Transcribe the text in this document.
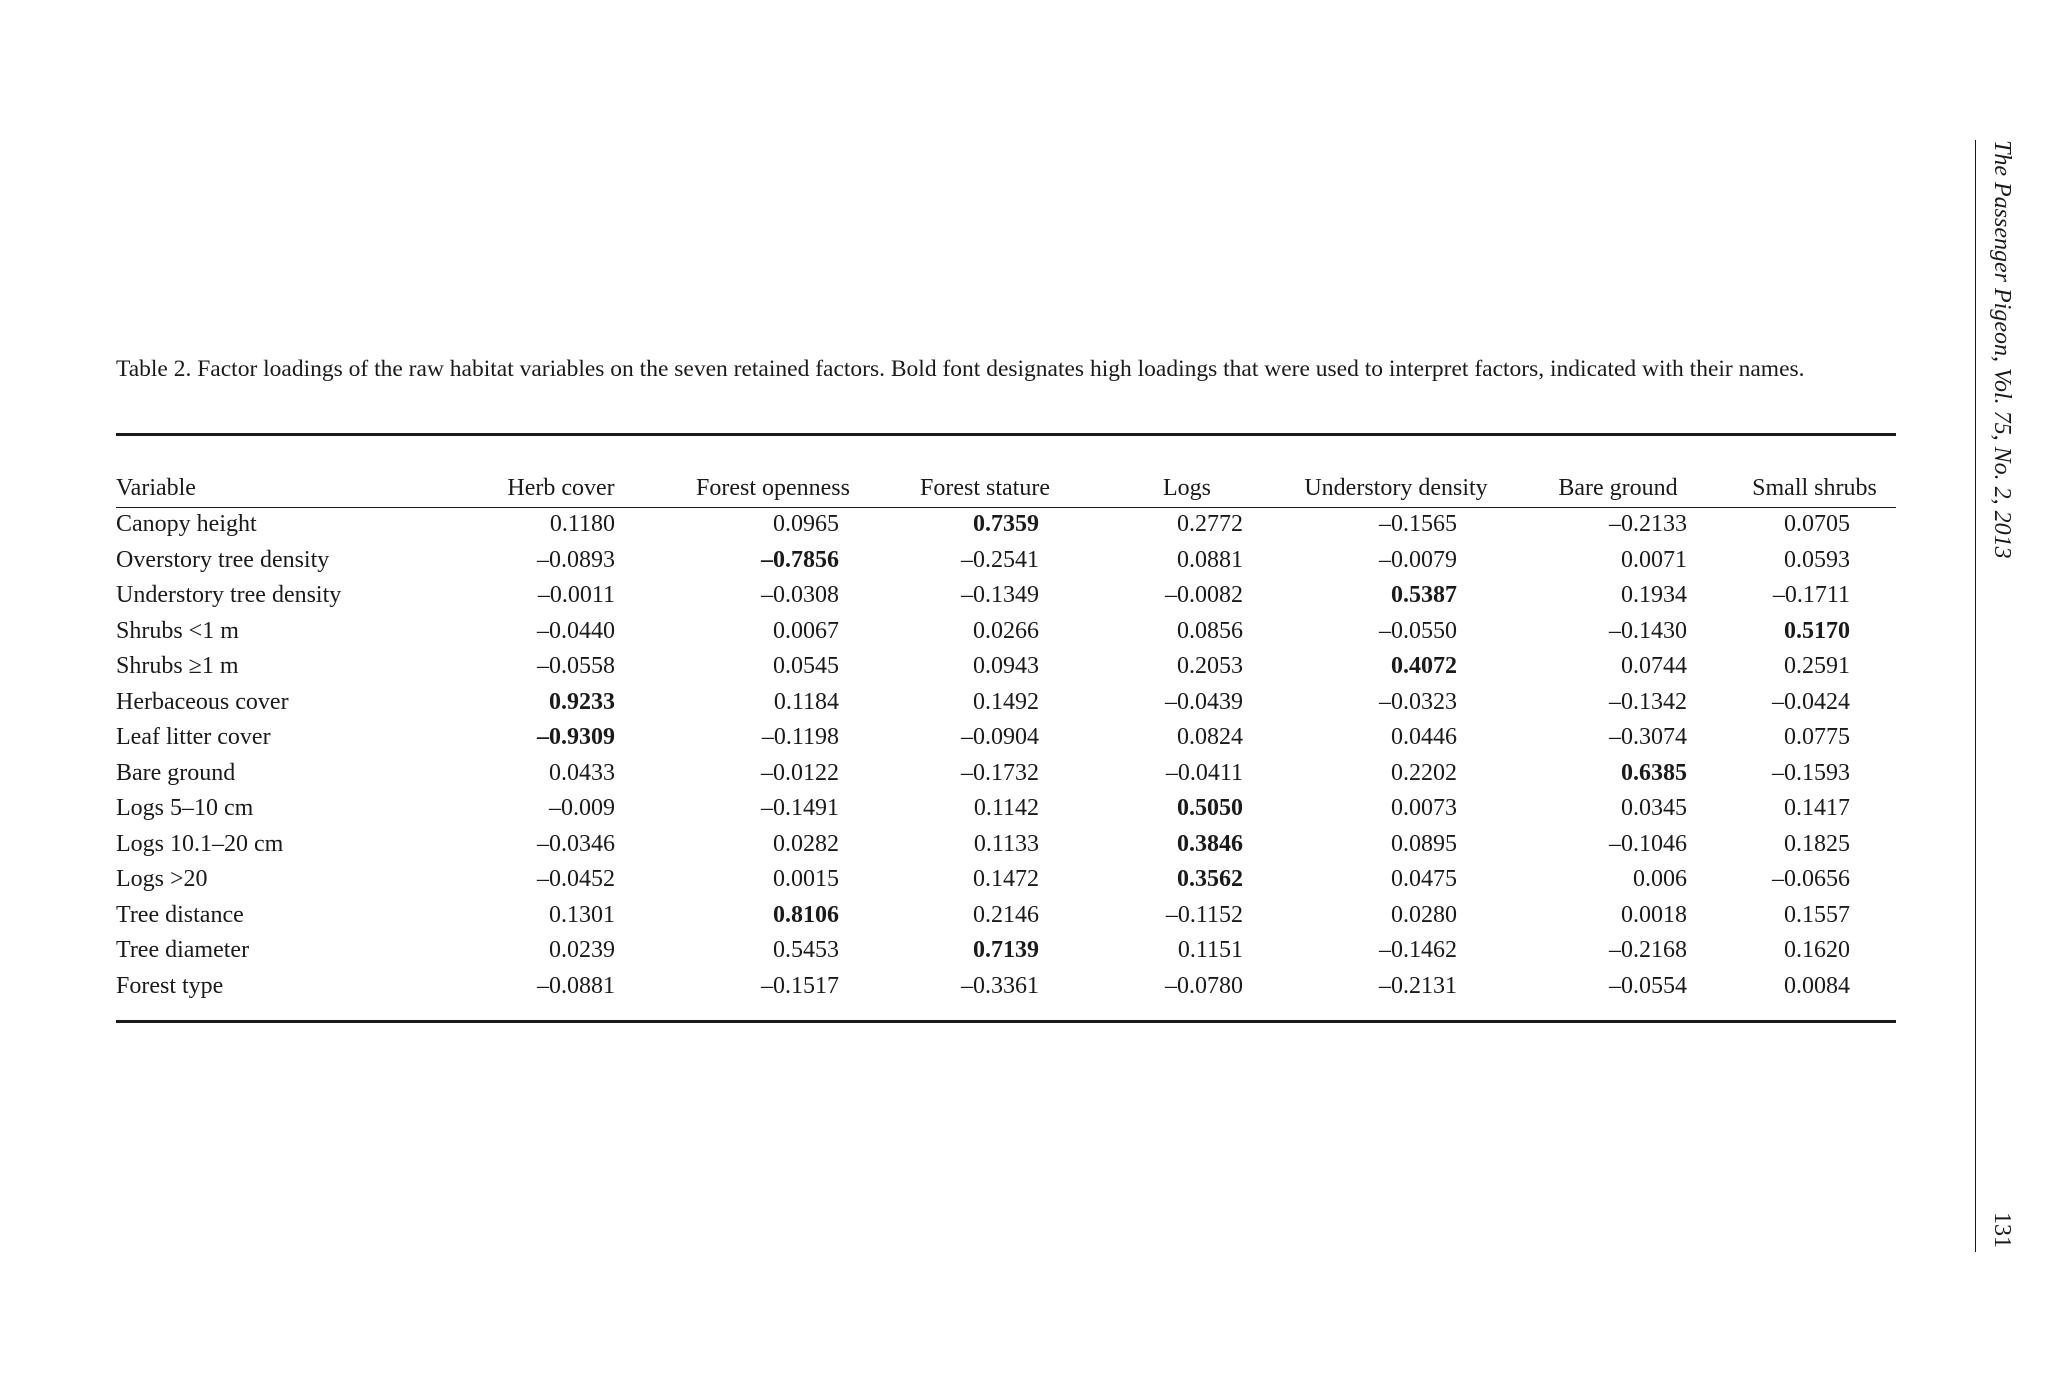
Table 2. Factor loadings of the raw habitat variables on the seven retained factors. Bold font designates high loadings that were used to interpret factors, indicated with their names.
Variable	Herb cover	Forest openness	Forest stature	Logs	Understory density	Bare ground	Small shrubs
Canopy height	0.1180	0.0965	0.7359	0.2772	–0.1565	–0.2133	0.0705
Overstory tree density	–0.0893	–0.7856	–0.2541	0.0881	–0.0079	0.0071	0.0593
Understory tree density	–0.0011	–0.0308	–0.1349	–0.0082	0.5387	0.1934	–0.1711
Shrubs <1 m	–0.0440	0.0067	0.0266	0.0856	–0.0550	–0.1430	0.5170
Shrubs ≥1 m	–0.0558	0.0545	0.0943	0.2053	0.4072	0.0744	0.2591
Herbaceous cover	0.9233	0.1184	0.1492	–0.0439	–0.0323	–0.1342	–0.0424
Leaf litter cover	–0.9309	–0.1198	–0.0904	0.0824	0.0446	–0.3074	0.0775
Bare ground	0.0433	–0.0122	–0.1732	–0.0411	0.2202	0.6385	–0.1593
Logs 5–10 cm	–0.009	–0.1491	0.1142	0.5050	0.0073	0.0345	0.1417
Logs 10.1–20 cm	–0.0346	0.0282	0.1133	0.3846	0.0895	–0.1046	0.1825
Logs >20	–0.0452	0.0015	0.1472	0.3562	0.0475	0.006	–0.0656
Tree distance	0.1301	0.8106	0.2146	–0.1152	0.0280	0.0018	0.1557
Tree diameter	0.0239	0.5453	0.7139	0.1151	–0.1462	–0.2168	0.1620
Forest type	–0.0881	–0.1517	–0.3361	–0.0780	–0.2131	–0.0554	0.0084
The Passenger Pigeon, Vol. 75, No. 2, 2013
131
